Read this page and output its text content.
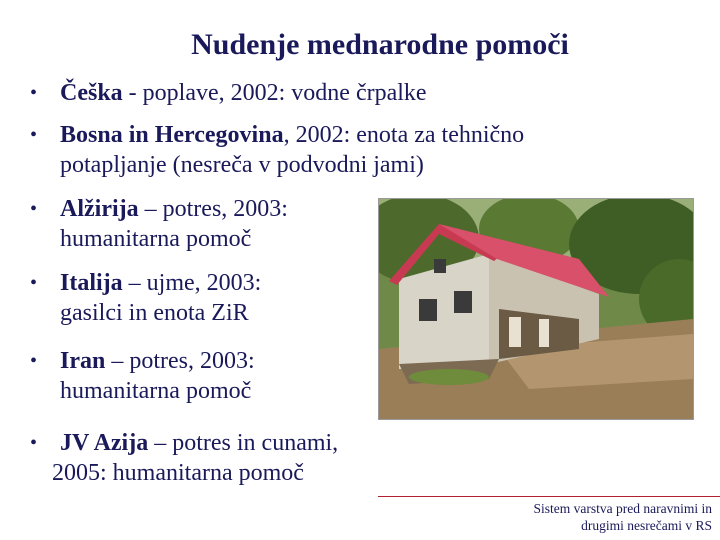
Nudenje mednarodne pomoči
• Češka - poplave, 2002: vodne črpalke
• Bosna in Hercegovina, 2002: enota za tehnično
potapljanje (nesreča v podvodni jami)
• Alžirija – potres, 2003:
humanitarna pomoč
• Italija – ujme, 2003:
gasilci in enota ZiR
• Iran – potres, 2003:
humanitarna pomoč
• JV Azija – potres in cunami,
2005: humanitarna pomoč
Sistem varstva pred naravnimi in
drugimi nesrečami v RS
